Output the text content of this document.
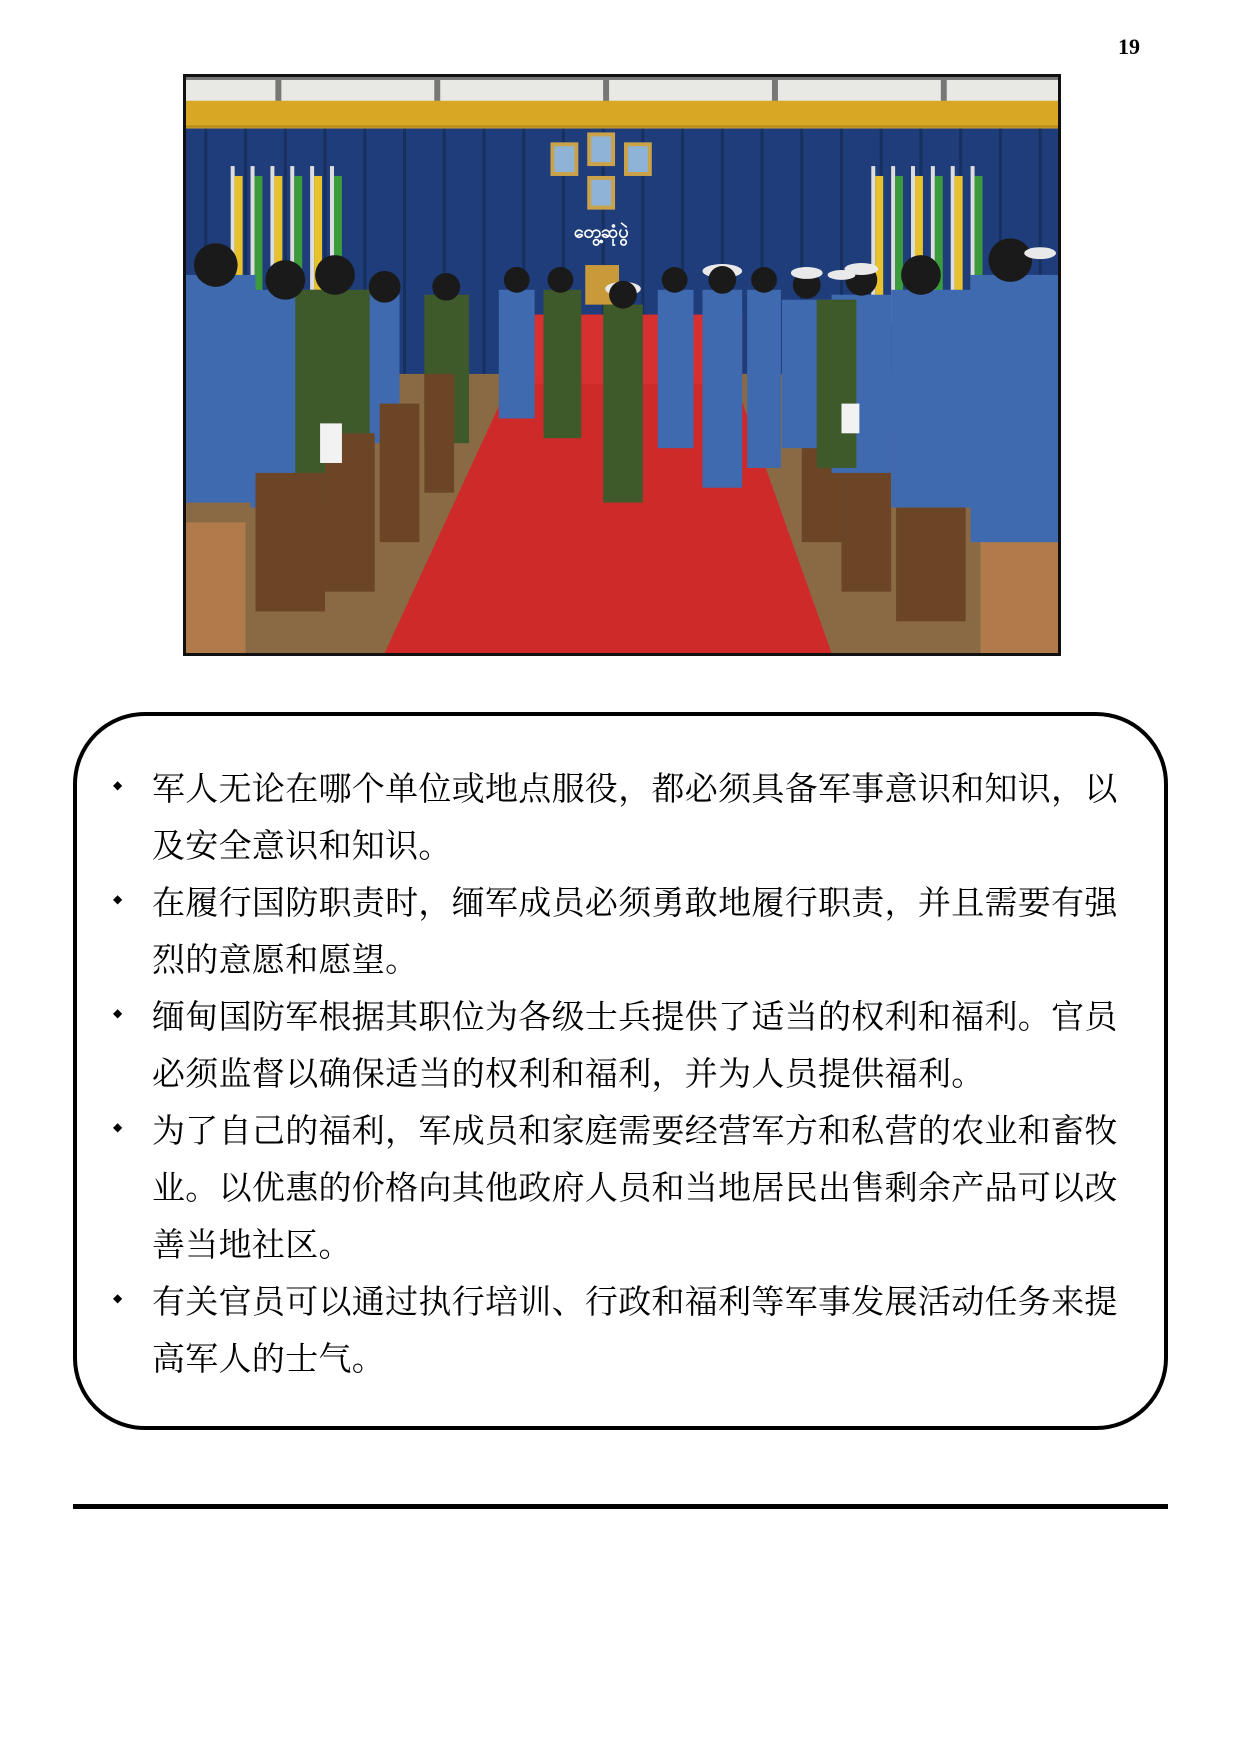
19
တွေ့ဆုံပွဲ
◆ 军人无论在哪个单位或地点服役，都必须具备军事意识和知识，以及安全意识和知识。
◆ 在履行国防职责时，缅军成员必须勇敢地履行职责，并且需要有强烈的意愿和愿望。
◆ 缅甸国防军根据其职位为各级士兵提供了适当的权利和福利。官员必须监督以确保适当的权利和福利，并为人员提供福利。
◆ 为了自己的福利，军成员和家庭需要经营军方和私营的农业和畜牧业。以优惠的价格向其他政府人员和当地居民出售剩余产品可以改善当地社区。
◆ 有关官员可以通过执行培训、行政和福利等军事发展活动任务来提高军人的士气。
